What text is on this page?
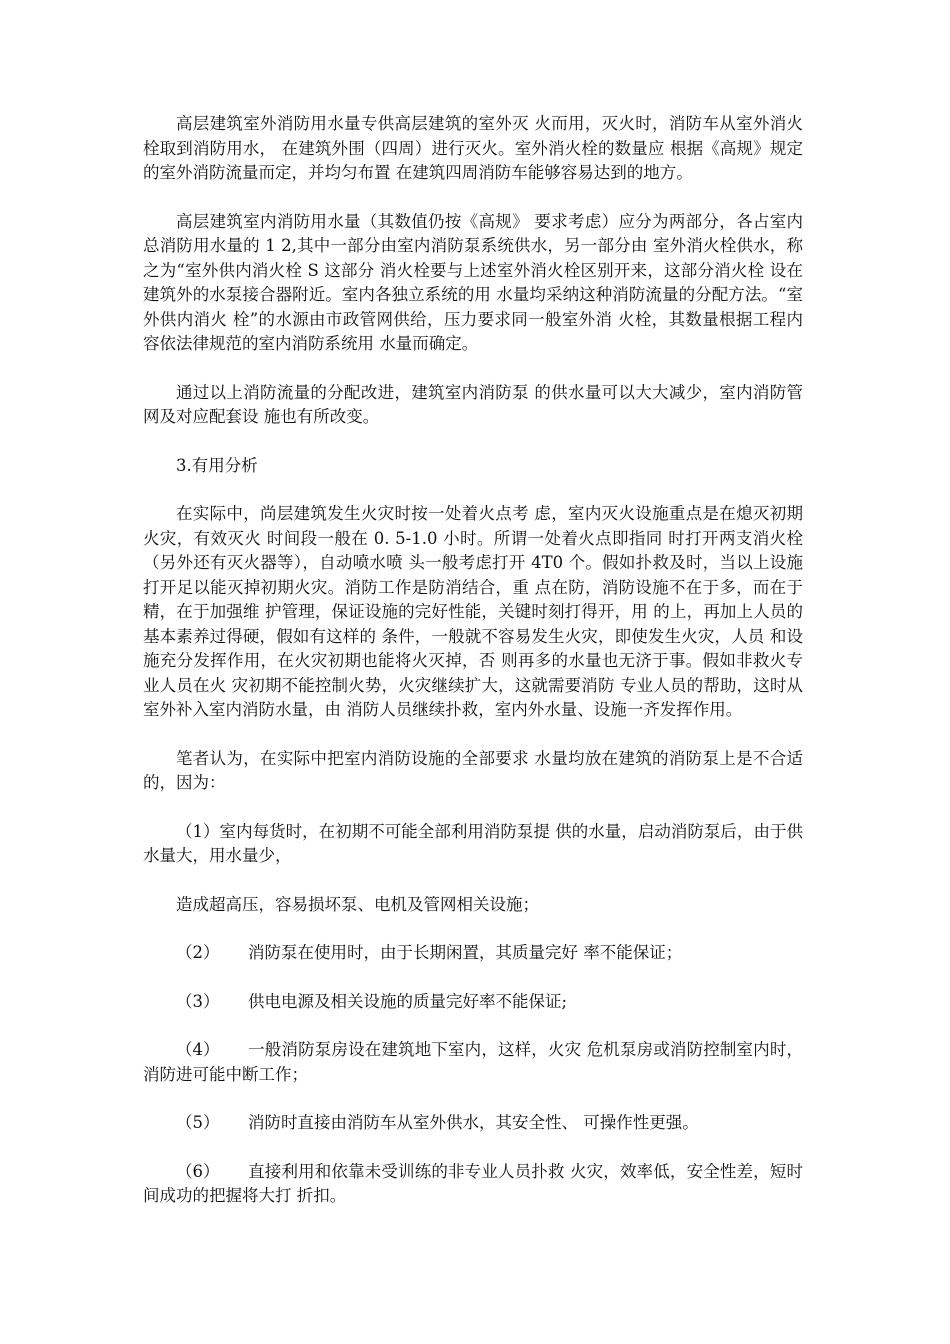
高层建筑室外消防用水量专供高层建筑的室外灭 火而用，灭火时，消防车从室外消火栓取到消防用水， 在建筑外围（四周）进行灭火。室外消火栓的数量应 根据《高规》规定的室外消防流量而定，并均匀布置 在建筑四周消防车能够容易达到的地方。

高层建筑室内消防用水量（其数值仍按《高规》 要求考虑）应分为两部分，各占室内总消防用水量的 1 2,其中一部分由室内消防泵系统供水，另一部分由 室外消火栓供水，称之为“室外供内消火栓 S 这部分 消火栓要与上述室外消火栓区别开来，这部分消火栓 设在建筑外的水泵接合器附近。室内各独立系统的用 水量均采纳这种消防流量的分配方法。“室外供内消火 栓”的水源由市政管网供给，压力要求同一般室外消 火栓，其数量根据工程内容依法律规范的室内消防系统用 水量而确定。

通过以上消防流量的分配改进，建筑室内消防泵 的供水量可以大大减少，室内消防管网及对应配套设 施也有所改变。

3.有用分析

在实际中，尚层建筑发生火灾时按一处着火点考 虑，室内灭火设施重点是在熄灭初期火灾，有效灭火 时间段一般在 0. 5-1.0 小时。所谓一处着火点即指同 时打开两支消火栓（另外还有灭火器等），自动喷水喷 头一般考虑打开 4T0 个。假如扑救及时，当以上设施 打开足以能灭掉初期火灾。消防工作是防消结合，重 点在防，消防设施不在于多，而在于精，在于加强维 护管理，保证设施的完好性能，关键时刻打得开，用 的上，再加上人员的基本素养过得硬，假如有这样的 条件，一般就不容易发生火灾，即使发生火灾，人员 和设施充分发挥作用，在火灾初期也能将火灭掉，否 则再多的水量也无济于事。假如非救火专业人员在火 灾初期不能控制火势，火灾继续扩大，这就需要消防 专业人员的帮助，这时从室外补入室内消防水量，由 消防人员继续扑救，室内外水量、设施一齐发挥作用。

笔者认为，在实际中把室内消防设施的全部要求 水量均放在建筑的消防泵上是不合适的，因为：

（1）室内每货时，在初期不可能全部利用消防泵提 供的水量，启动消防泵后，由于供水量大，用水量少，

造成超高压，容易损坏泵、电机及管网相关设施；

（2） 消防泵在使用时，由于长期闲置，其质量完好 率不能保证；

（3） 供电电源及相关设施的质量完好率不能保证;

（4） 一般消防泵房设在建筑地下室内，这样，火灾 危机泵房或消防控制室内时，消防进可能中断工作；

（5） 消防时直接由消防车从室外供水，其安全性、 可操作性更强。

（6） 直接利用和依靠未受训练的非专业人员扑救 火灾，效率低，安全性差，短时间成功的把握将大打 折扣。
